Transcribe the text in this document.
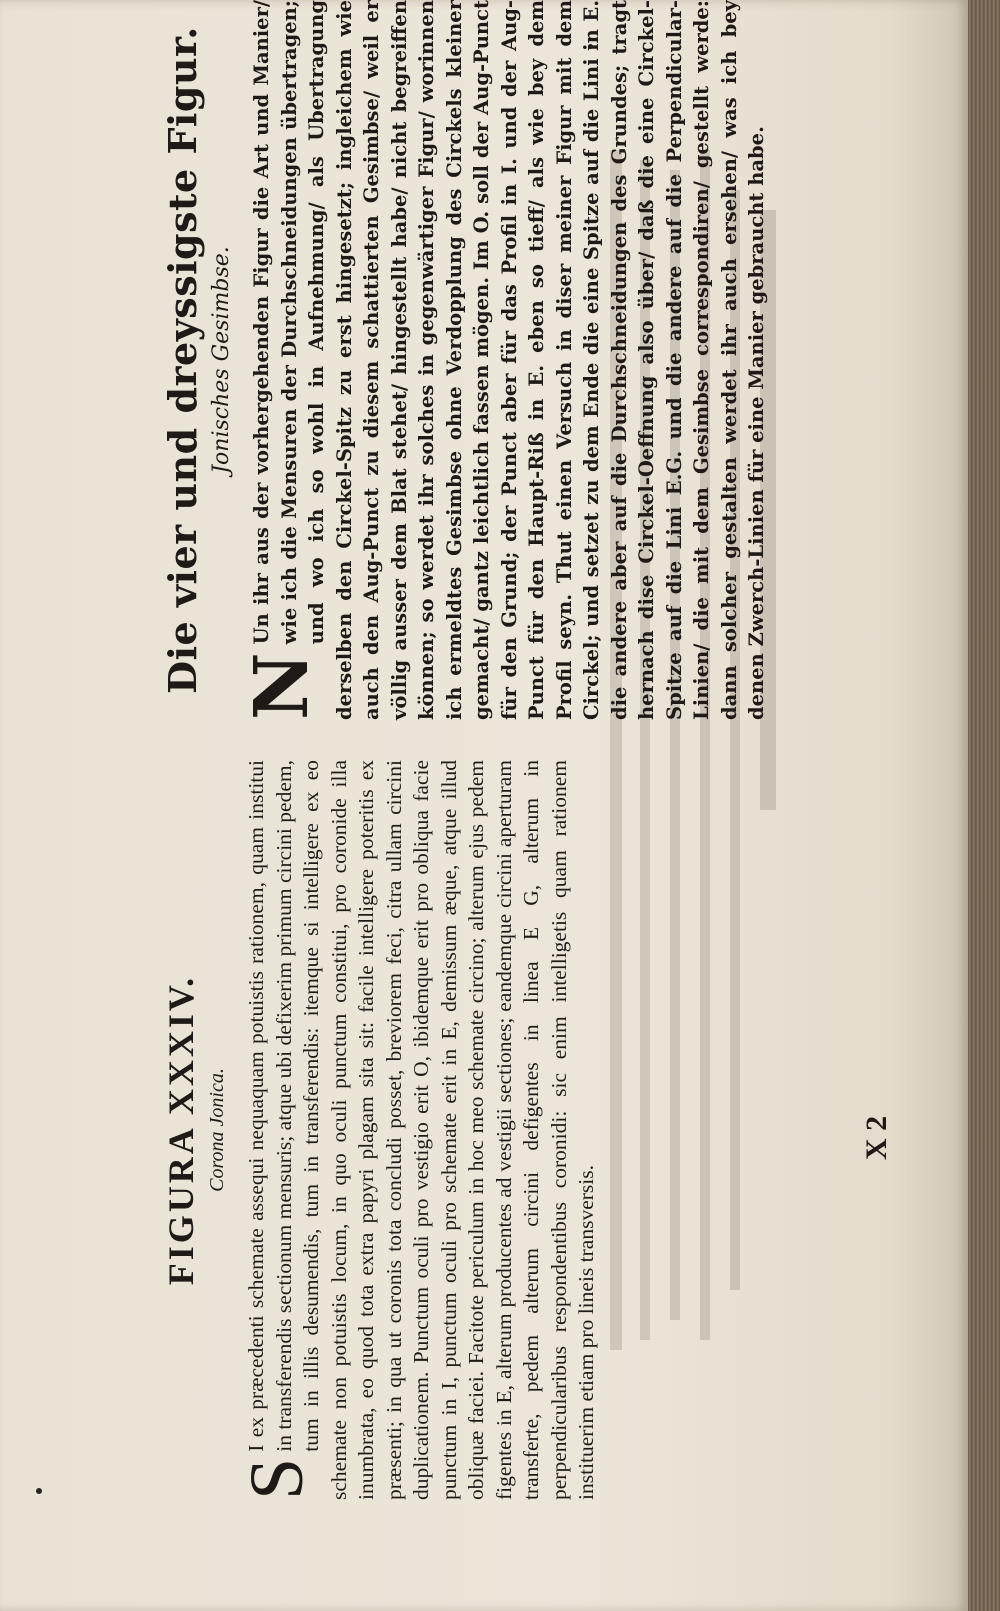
FIGURA XXXIV. Corona Jonica.

S
I ex præcedenti schemate assequi nequaquam potuistis rationem, quam institui in transferendis sectionum mensuris; atque ubi defixerim primum circini pedem, tum in illis desumendis, tum in transferendis: itemque si intelligere ex eo schemate non potuistis locum, in quo oculi punctum constitui, pro coronide illa inumbrata, eo quod tota extra papyri plagam sita sit: facile intelligere poteritis ex præsenti; in qua ut coronis tota concludi posset, breviorem feci, citra ullam circini duplicationem. Punctum oculi pro vestigio erit O, ibidemque erit pro obliqua facie punctum in I, punctum oculi pro schemate erit in E, demissum æque, atque illud obliquæ faciei. Facitote periculum in hoc meo schemate circino; alterum ejus pedem figentes in E, alterum producentes ad vestigii sectiones; eandemque circini aperturam transferte, pedem alterum circini defigentes in linea E G, alterum in perpendicularibus respondentibus coronidi: sic enim intelligetis quam rationem instituerim etiam pro lineis transversis.

Die vier und dreyssigste Figur. Jonisches Gesimbse.

N
Un ihr aus der vorhergehenden Figur die Art und Manier/ wie ich die Mensuren der Durchschneidungen übertragen; und wo ich so wohl in Aufnehmung/ als Ubertragung derselben den Circkel-Spitz zu erst hingesetzt; ingleichem wie auch den Aug-Punct zu diesem schattierten Gesimbse/ weil er völlig ausser dem Blat stehet/ hingestellt habe/ nicht begreiffen können; so werdet ihr solches in gegenwärtiger Figur/ worinnen ich ermeldtes Gesimbse ohne Verdopplung des Circkels kleiner gemacht/ gantz leichtlich fassen mögen. Im O. soll der Aug-Punct für den Grund; der Punct aber für das Profil in I. und der Aug-Punct für den Haupt-Riß in E. eben so tieff/ als wie bey dem Profil seyn. Thut einen Versuch in diser meiner Figur mit dem Circkel; und setzet zu dem Ende die eine Spitze auf die Lini in E. die andere aber auf die Durchschneidungen des Grundes; tragt hernach dise Circkel-Oeffnung also über/ daß die eine Circkel-Spitze auf die Lini E.G. und die andere auf die Perpendicular-Linien/ die mit dem Gesimbse correspondiren/ gestellt werde: dann solcher gestalten werdet ihr auch ersehen/ was ich bey denen Zwerch-Linien für eine Manier gebraucht habe.

X 2
